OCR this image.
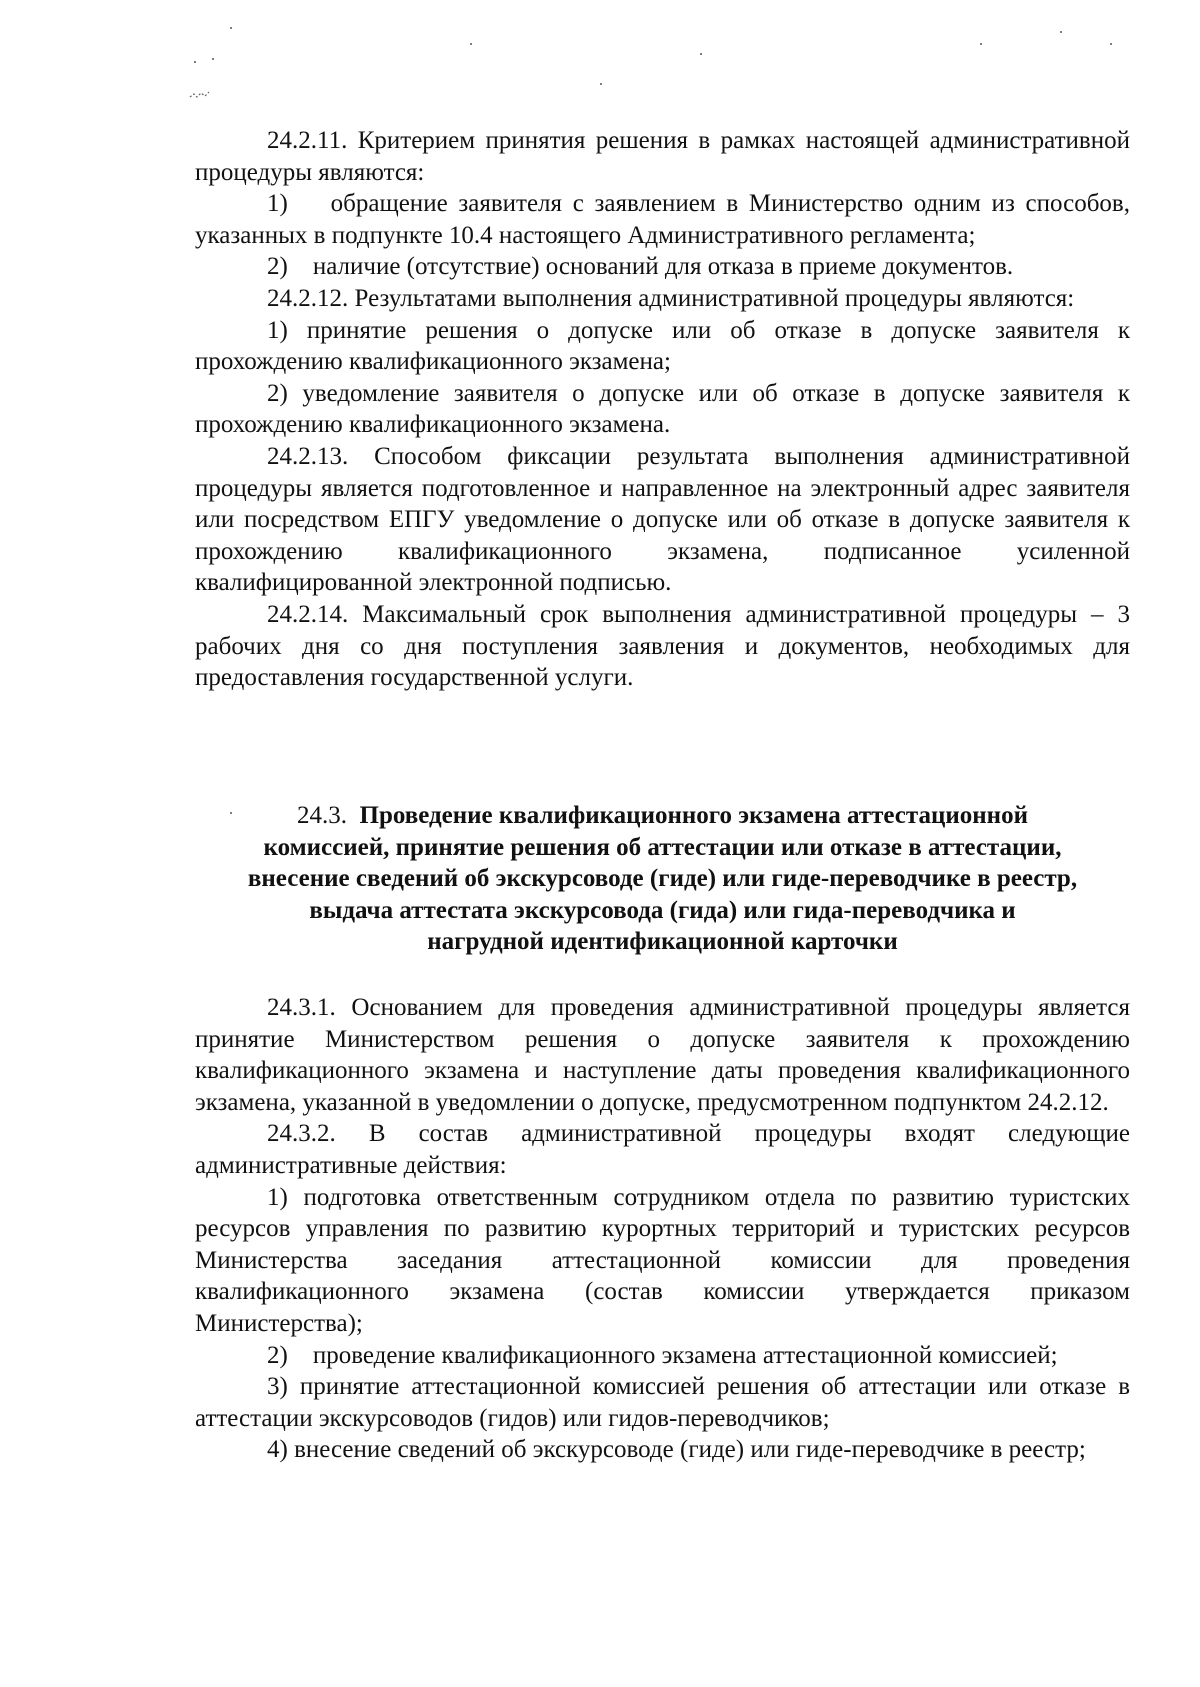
24.2.11. Критерием принятия решения в рамках настоящей административной процедуры являются:

1)    обращение заявителя с заявлением в Министерство одним из способов, указанных в подпункте 10.4 настоящего Административного регламента;

2)    наличие (отсутствие) оснований для отказа в приеме документов.

24.2.12. Результатами выполнения административной процедуры являются:

1) принятие решения о допуске или об отказе в допуске заявителя к прохождению квалификационного экзамена;

2) уведомление заявителя о допуске или об отказе в допуске заявителя к прохождению квалификационного экзамена.

24.2.13. Способом фиксации результата выполнения административной процедуры является подготовленное и направленное на электронный адрес заявителя или посредством ЕПГУ уведомление о допуске или об отказе в допуске заявителя к прохождению квалификационного экзамена, подписанное усиленной квалифицированной электронной подписью.

24.2.14. Максимальный срок выполнения административной процедуры – 3 рабочих дня со дня поступления заявления и документов, необходимых для предоставления государственной услуги.

24.3. Проведение квалификационного экзамена аттестационной
комиссией, принятие решения об аттестации или отказе в аттестации,
внесение сведений об экскурсоводе (гиде) или гиде-переводчике в реестр,
выдача аттестата экскурсовода (гида) или гида-переводчика и
нагрудной идентификационной карточки

24.3.1. Основанием для проведения административной процедуры является принятие Министерством решения о допуске заявителя к прохождению квалификационного экзамена и наступление даты проведения квалификационного экзамена, указанной в уведомлении о допуске, предусмотренном подпунктом 24.2.12.

24.3.2. В состав административной процедуры входят следующие административные действия:

1) подготовка ответственным сотрудником отдела по развитию туристских ресурсов управления по развитию курортных территорий и туристских ресурсов Министерства заседания аттестационной комиссии для проведения квалификационного экзамена (состав комиссии утверждается приказом Министерства);

2)    проведение квалификационного экзамена аттестационной комиссией;

3) принятие аттестационной комиссией решения об аттестации или отказе в аттестации экскурсоводов (гидов) или гидов-переводчиков;

4) внесение сведений об экскурсоводе (гиде) или гиде-переводчике в реестр;
